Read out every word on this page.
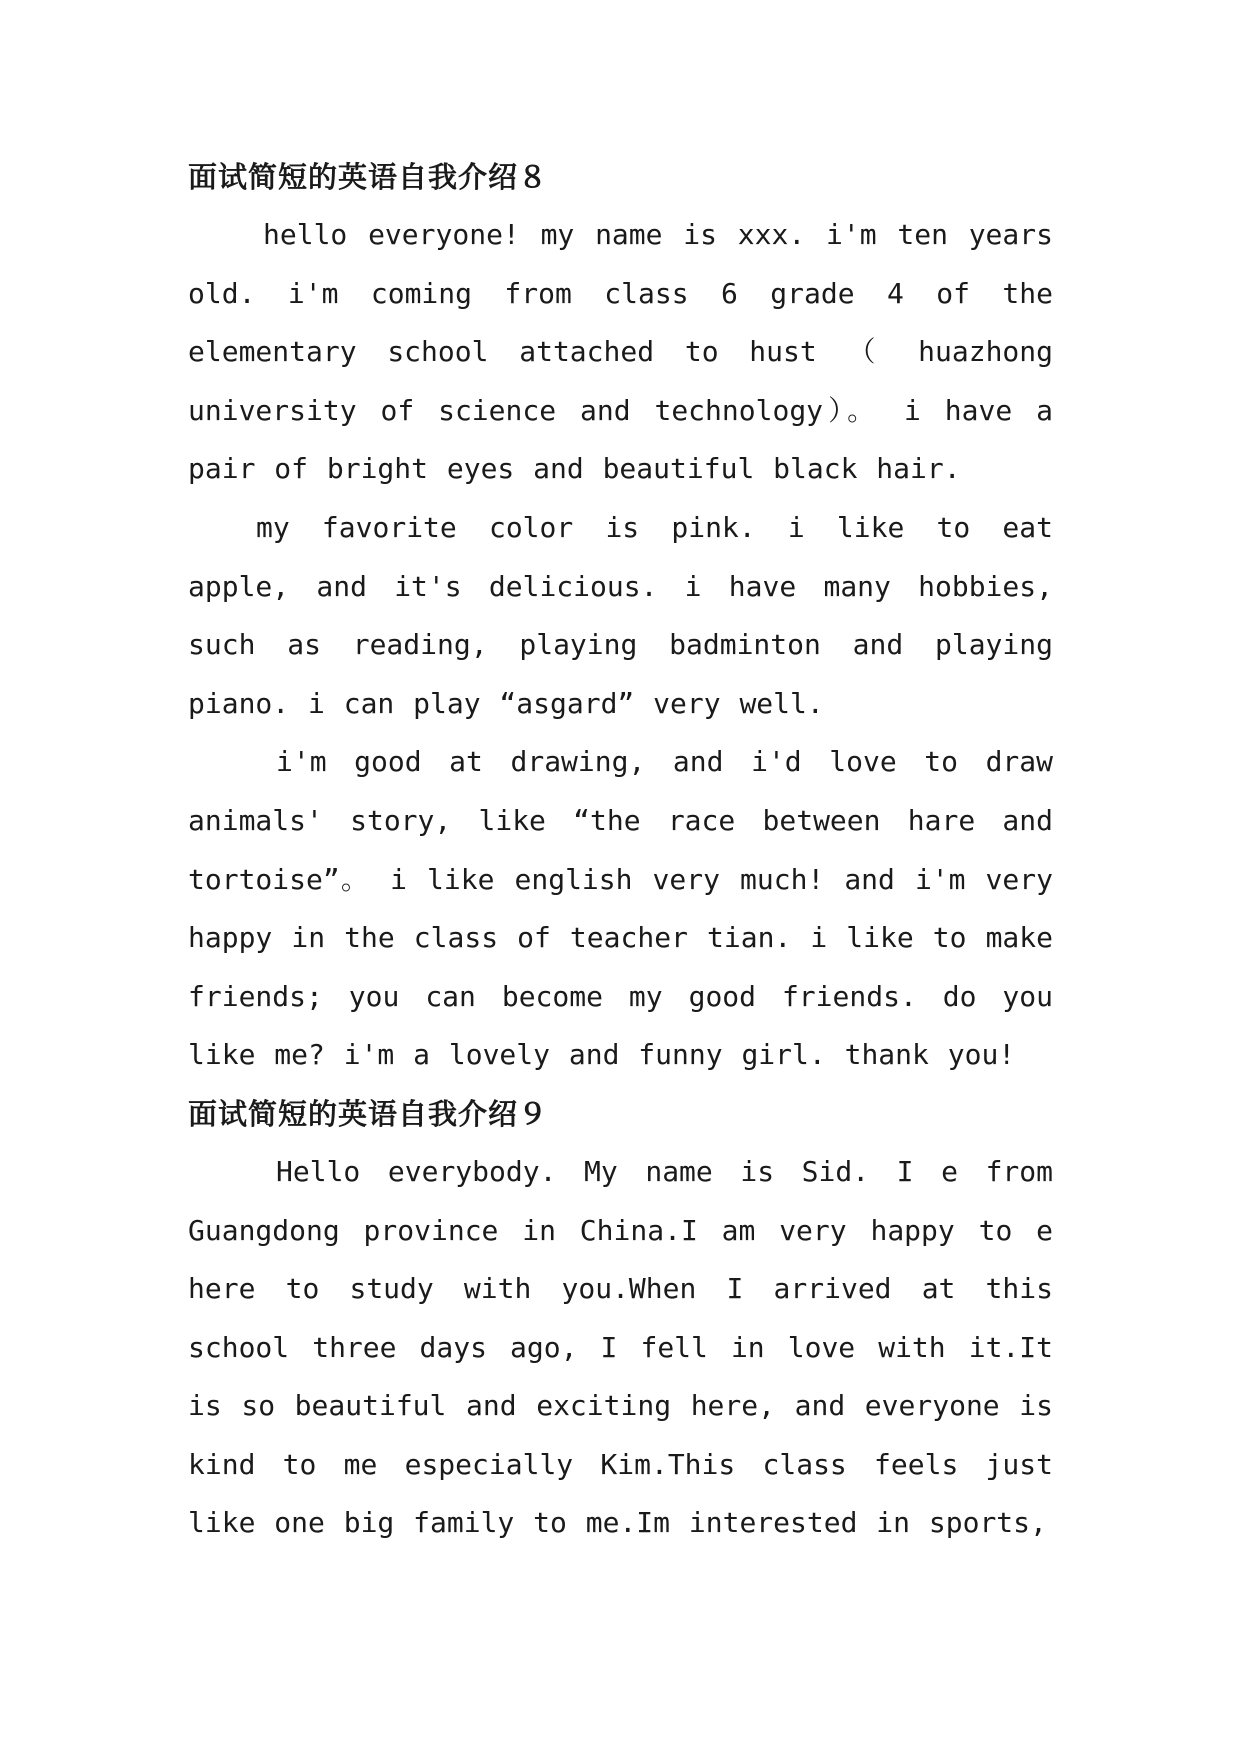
面试简短的英语自我介绍８

hello everyone! my name is xxx. i'm ten years old. i'm coming from class 6 grade 4 of the elementary school attached to hust （ huazhong university of science and technology）。 i have a pair of bright eyes and beautiful black hair.

my favorite color is pink. i like to eat apple, and it's delicious. i have many hobbies, such as reading, playing badminton and playing piano. i can play “asgard” very well.

i'm good at drawing, and i'd love to draw animals' story, like “the race between hare and tortoise”。 i like english very much! and i'm very happy in the class of teacher tian. i like to make friends; you can become my good friends. do you like me? i'm a lovely and funny girl. thank you!

面试简短的英语自我介绍９

Hello everybody. My name is Sid. I e from Guangdong province in China.I am very happy to e here to study with you.When I arrived at this school three days ago, I fell in love with it.It is so beautiful and exciting here, and everyone is kind to me especially Kim.This class feels just like one big family to me.Im interested in sports,
